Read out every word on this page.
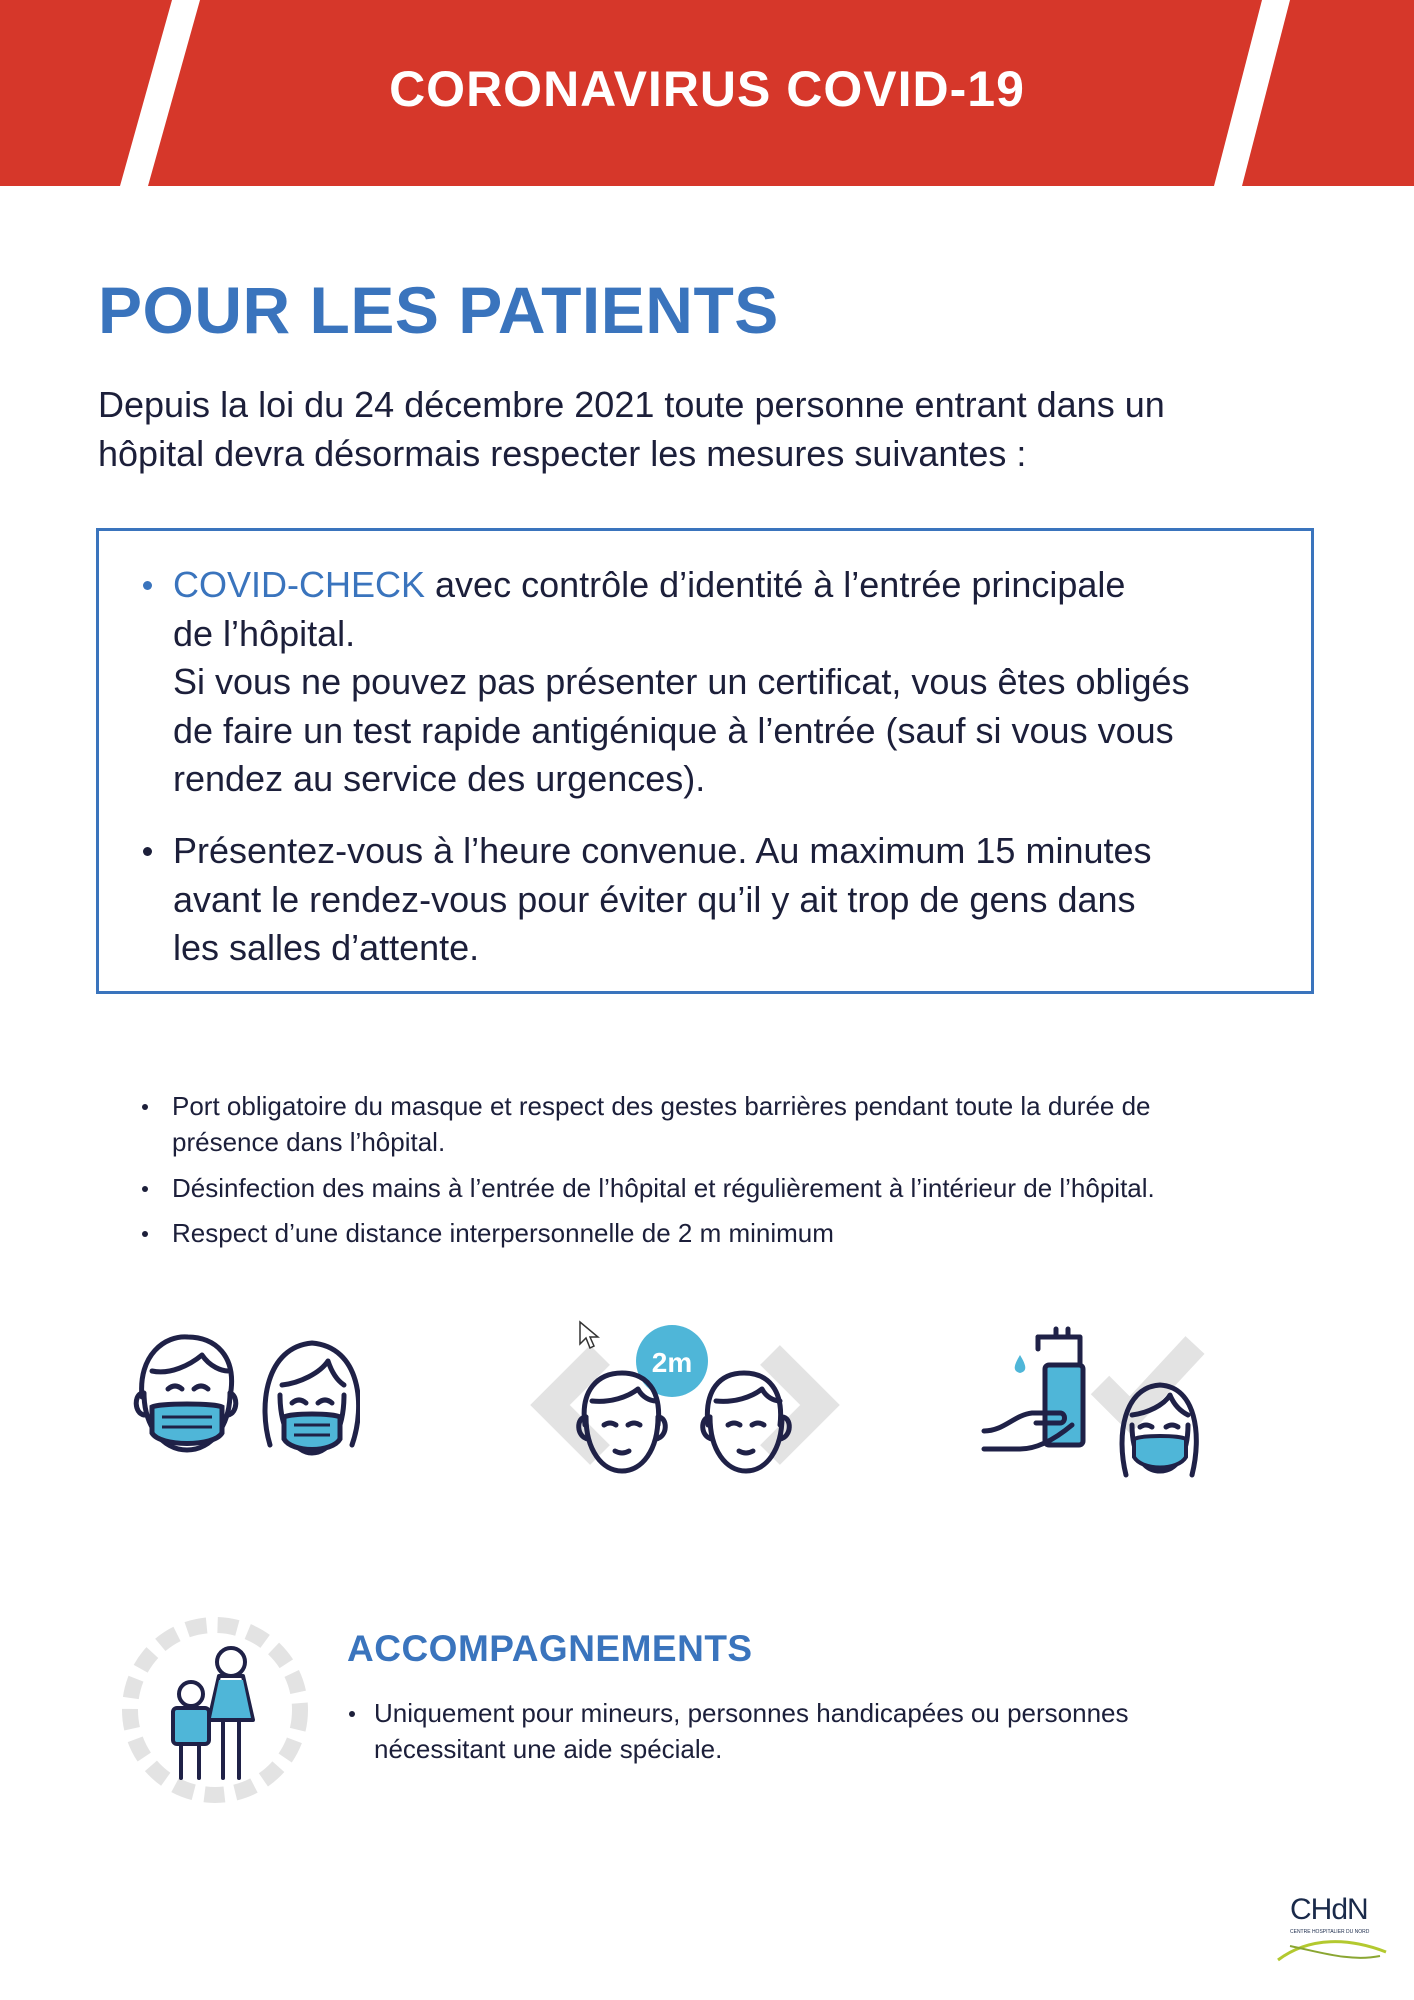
CORONAVIRUS COVID-19
POUR LES PATIENTS

Depuis la loi du 24 décembre 2021 toute personne entrant dans un hôpital devra désormais respecter les mesures suivantes :

COVID-CHECK avec contrôle d’identité à l’entrée principale
de l’hôpital.
Si vous ne pouvez pas présenter un certificat, vous êtes obligés
de faire un test rapide antigénique à l’entrée (sauf si vous vous
rendez au service des urgences).
Présentez-vous à l’heure convenue. Au maximum 15 minutes
avant le rendez-vous pour éviter qu’il y ait trop de gens dans
les salles d’attente.
Port obligatoire du masque et respect des gestes barrières pendant toute la durée de
présence dans l’hôpital.
Désinfection des mains à l’entrée de l’hôpital et régulièrement à l’intérieur de l’hôpital.
Respect d’une distance interpersonnelle de 2 m minimum
2m
ACCOMPAGNEMENTS
Uniquement pour mineurs, personnes handicapées ou personnes
nécessitant une aide spéciale.
CHdN
CENTRE HOSPITALIER DU NORD
